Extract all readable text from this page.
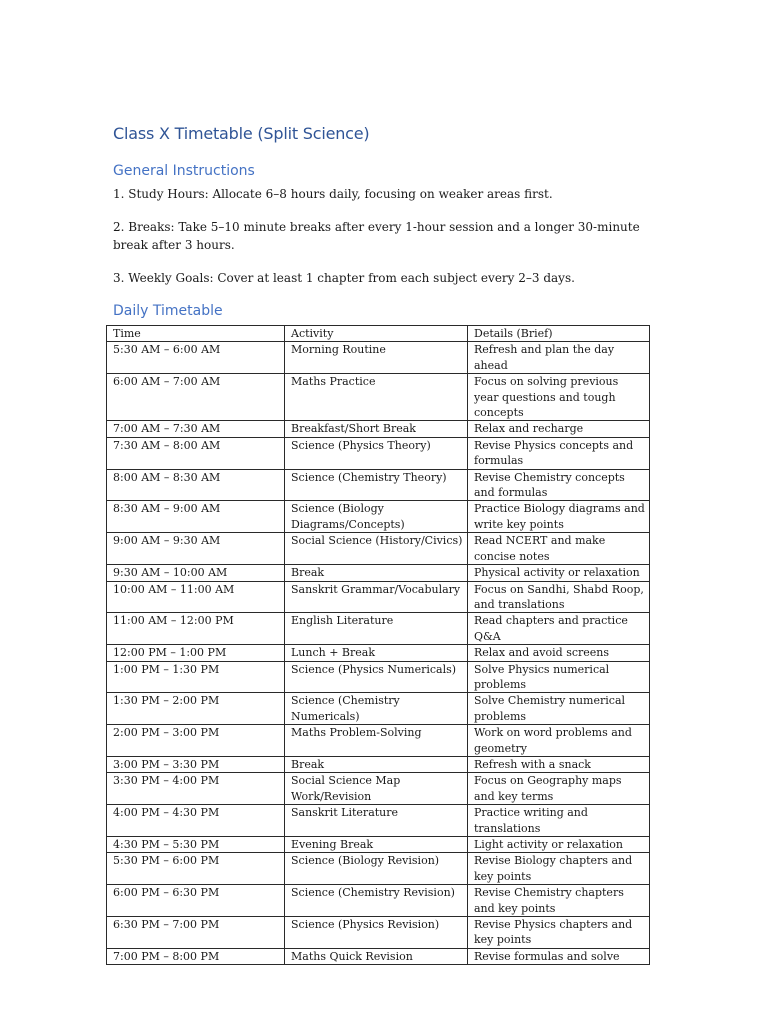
Class X Timetable (Split Science)
General Instructions
1. Study Hours: Allocate 6–8 hours daily, focusing on weaker areas first.
2. Breaks: Take 5–10 minute breaks after every 1-hour session and a longer 30-minute break after 3 hours.
3. Weekly Goals: Cover at least 1 chapter from each subject every 2–3 days.
Daily Timetable
Time	Activity	Details (Brief)
5:30 AM – 6:00 AM	Morning Routine	Refresh and plan the day ahead
6:00 AM – 7:00 AM	Maths Practice	Focus on solving previous year questions and tough concepts
7:00 AM – 7:30 AM	Breakfast/Short Break	Relax and recharge
7:30 AM – 8:00 AM	Science (Physics Theory)	Revise Physics concepts and formulas
8:00 AM – 8:30 AM	Science (Chemistry Theory)	Revise Chemistry concepts and formulas
8:30 AM – 9:00 AM	Science (Biology Diagrams/Concepts)	Practice Biology diagrams and write key points
9:00 AM – 9:30 AM	Social Science (History/Civics)	Read NCERT and make concise notes
9:30 AM – 10:00 AM	Break	Physical activity or relaxation
10:00 AM – 11:00 AM	Sanskrit Grammar/Vocabulary	Focus on Sandhi, Shabd Roop, and translations
11:00 AM – 12:00 PM	English Literature	Read chapters and practice Q&A
12:00 PM – 1:00 PM	Lunch + Break	Relax and avoid screens
1:00 PM – 1:30 PM	Science (Physics Numericals)	Solve Physics numerical problems
1:30 PM – 2:00 PM	Science (Chemistry Numericals)	Solve Chemistry numerical problems
2:00 PM – 3:00 PM	Maths Problem-Solving	Work on word problems and geometry
3:00 PM – 3:30 PM	Break	Refresh with a snack
3:30 PM – 4:00 PM	Social Science Map Work/Revision	Focus on Geography maps and key terms
4:00 PM – 4:30 PM	Sanskrit Literature	Practice writing and translations
4:30 PM – 5:30 PM	Evening Break	Light activity or relaxation
5:30 PM – 6:00 PM	Science (Biology Revision)	Revise Biology chapters and key points
6:00 PM – 6:30 PM	Science (Chemistry Revision)	Revise Chemistry chapters and key points
6:30 PM – 7:00 PM	Science (Physics Revision)	Revise Physics chapters and key points
7:00 PM – 8:00 PM	Maths Quick Revision	Revise formulas and solve
